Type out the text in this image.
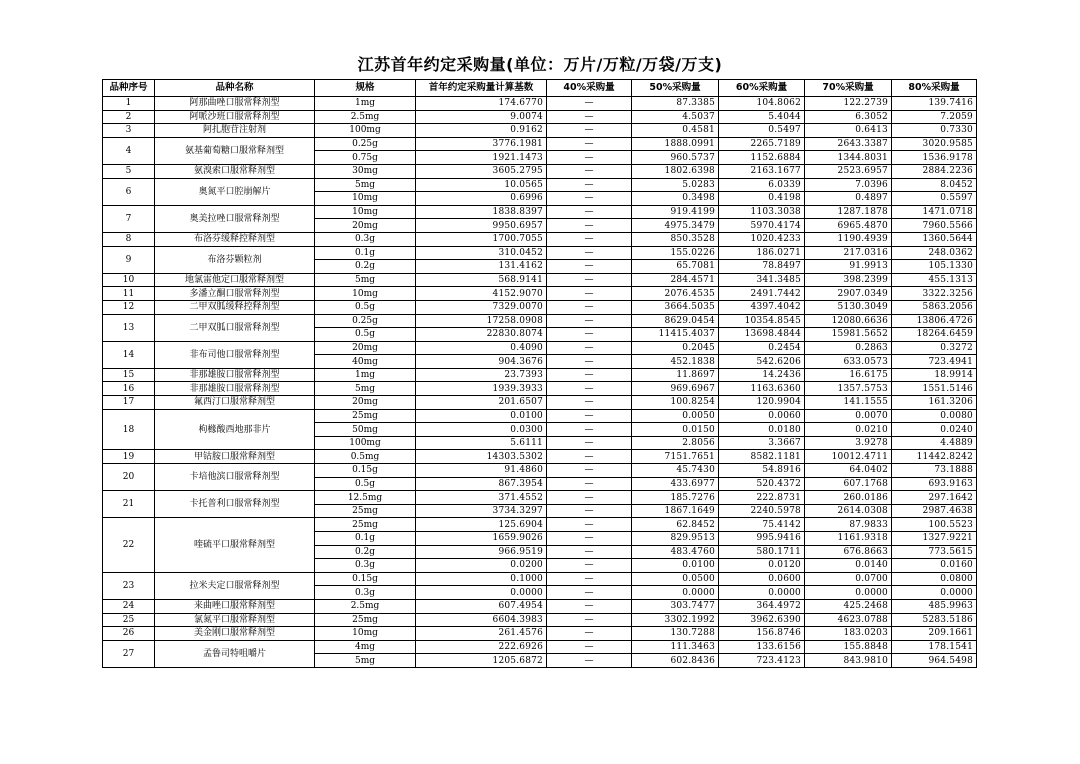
江苏首年约定采购量(单位：万片/万粒/万袋/万支)
品种序号	品种名称	规格	首年约定采购量计算基数	40%采购量	50%采购量	60%采购量	70%采购量	80%采购量
1	阿那曲唑口服常释剂型	1mg	174.6770	—	87.3385	104.8062	122.2739	139.7416
2	阿哌沙班口服常释剂型	2.5mg	9.0074	—	4.5037	5.4044	6.3052	7.2059
3	阿扎胞苷注射剂	100mg	0.9162	—	0.4581	0.5497	0.6413	0.7330
4	氨基葡萄糖口服常释剂型	0.25g	3776.1981	—	1888.0991	2265.7189	2643.3387	3020.9585
		0.75g	1921.1473	—	960.5737	1152.6884	1344.8031	1536.9178
5	氨溴索口服常释剂型	30mg	3605.2795	—	1802.6398	2163.1677	2523.6957	2884.2236
6	奥氮平口腔崩解片	5mg	10.0565	—	5.0283	6.0339	7.0396	8.0452
		10mg	0.6996	—	0.3498	0.4198	0.4897	0.5597
7	奥美拉唑口服常释剂型	10mg	1838.8397	—	919.4199	1103.3038	1287.1878	1471.0718
		20mg	9950.6957	—	4975.3479	5970.4174	6965.4870	7960.5566
8	布洛芬缓释控释剂型	0.3g	1700.7055	—	850.3528	1020.4233	1190.4939	1360.5644
9	布洛芬颗粒剂	0.1g	310.0452	—	155.0226	186.0271	217.0316	248.0362
		0.2g	131.4162	—	65.7081	78.8497	91.9913	105.1330
10	地氯雷他定口服常释剂型	5mg	568.9141	—	284.4571	341.3485	398.2399	455.1313
11	多潘立酮口服常释剂型	10mg	4152.9070	—	2076.4535	2491.7442	2907.0349	3322.3256
12	二甲双胍缓释控释剂型	0.5g	7329.0070	—	3664.5035	4397.4042	5130.3049	5863.2056
13	二甲双胍口服常释剂型	0.25g	17258.0908	—	8629.0454	10354.8545	12080.6636	13806.4726
		0.5g	22830.8074	—	11415.4037	13698.4844	15981.5652	18264.6459
14	非布司他口服常释剂型	20mg	0.4090	—	0.2045	0.2454	0.2863	0.3272
		40mg	904.3676	—	452.1838	542.6206	633.0573	723.4941
15	非那雄胺口服常释剂型	1mg	23.7393	—	11.8697	14.2436	16.6175	18.9914
16	非那雄胺口服常释剂型	5mg	1939.3933	—	969.6967	1163.6360	1357.5753	1551.5146
17	氟西汀口服常释剂型	20mg	201.6507	—	100.8254	120.9904	141.1555	161.3206
18	枸橼酸西地那非片	25mg	0.0100	—	0.0050	0.0060	0.0070	0.0080
		50mg	0.0300	—	0.0150	0.0180	0.0210	0.0240
		100mg	5.6111	—	2.8056	3.3667	3.9278	4.4889
19	甲钴胺口服常释剂型	0.5mg	14303.5302	—	7151.7651	8582.1181	10012.4711	11442.8242
20	卡培他滨口服常释剂型	0.15g	91.4860	—	45.7430	54.8916	64.0402	73.1888
		0.5g	867.3954	—	433.6977	520.4372	607.1768	693.9163
21	卡托普利口服常释剂型	12.5mg	371.4552	—	185.7276	222.8731	260.0186	297.1642
		25mg	3734.3297	—	1867.1649	2240.5978	2614.0308	2987.4638
22	喹硫平口服常释剂型	25mg	125.6904	—	62.8452	75.4142	87.9833	100.5523
		0.1g	1659.9026	—	829.9513	995.9416	1161.9318	1327.9221
		0.2g	966.9519	—	483.4760	580.1711	676.8663	773.5615
		0.3g	0.0200	—	0.0100	0.0120	0.0140	0.0160
23	拉米夫定口服常释剂型	0.15g	0.1000	—	0.0500	0.0600	0.0700	0.0800
		0.3g	0.0000	—	0.0000	0.0000	0.0000	0.0000
24	来曲唑口服常释剂型	2.5mg	607.4954	—	303.7477	364.4972	425.2468	485.9963
25	氯氮平口服常释剂型	25mg	6604.3983	—	3302.1992	3962.6390	4623.0788	5283.5186
26	美金刚口服常释剂型	10mg	261.4576	—	130.7288	156.8746	183.0203	209.1661
27	孟鲁司特咀嚼片	4mg	222.6926	—	111.3463	133.6156	155.8848	178.1541
		5mg	1205.6872	—	602.8436	723.4123	843.9810	964.5498
